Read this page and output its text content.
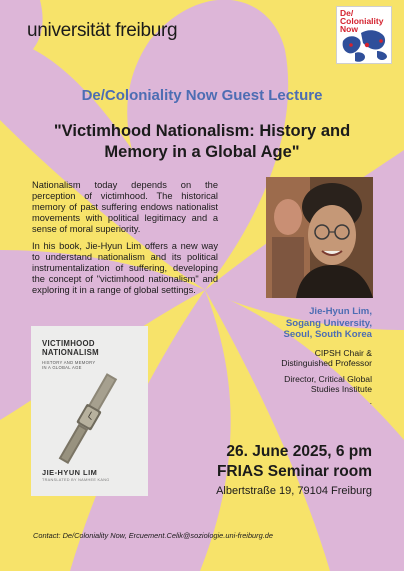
universität freiburg
De/
Coloniality
Now
De/Coloniality Now Guest Lecture
"Victimhood Nationalism: History and Memory in a Global Age"

Nationalism today depends on the perception of victimhood. The historical memory of past suffering endows nationalist movements with political legitimacy and a sense of moral superiority.

In his book, Jie-Hyun Lim offers a new way to understand nationalism and its political instrumentalization of suffering, developing the concept of "victimhood nationalism" and exploring it in a range of global settings.

Jie-Hyun Lim,
Sogang University,
Seoul, South Korea
CIPSH Chair &
Distinguished Professor
Director, Critical Global
Studies Institute
.
VICTIMHOOD
NATIONALISM
HISTORY AND MEMORY
IN A GLOBAL AGE
JIE-HYUN LIM
TRANSLATED BY NAMHEE KANG
26. June 2025, 6 pm
FRIAS Seminar room
Albertstraße 19, 79104 Freiburg
Contact: De/Coloniality Now, Ercuement.Celik@soziologie.uni-freiburg.de
